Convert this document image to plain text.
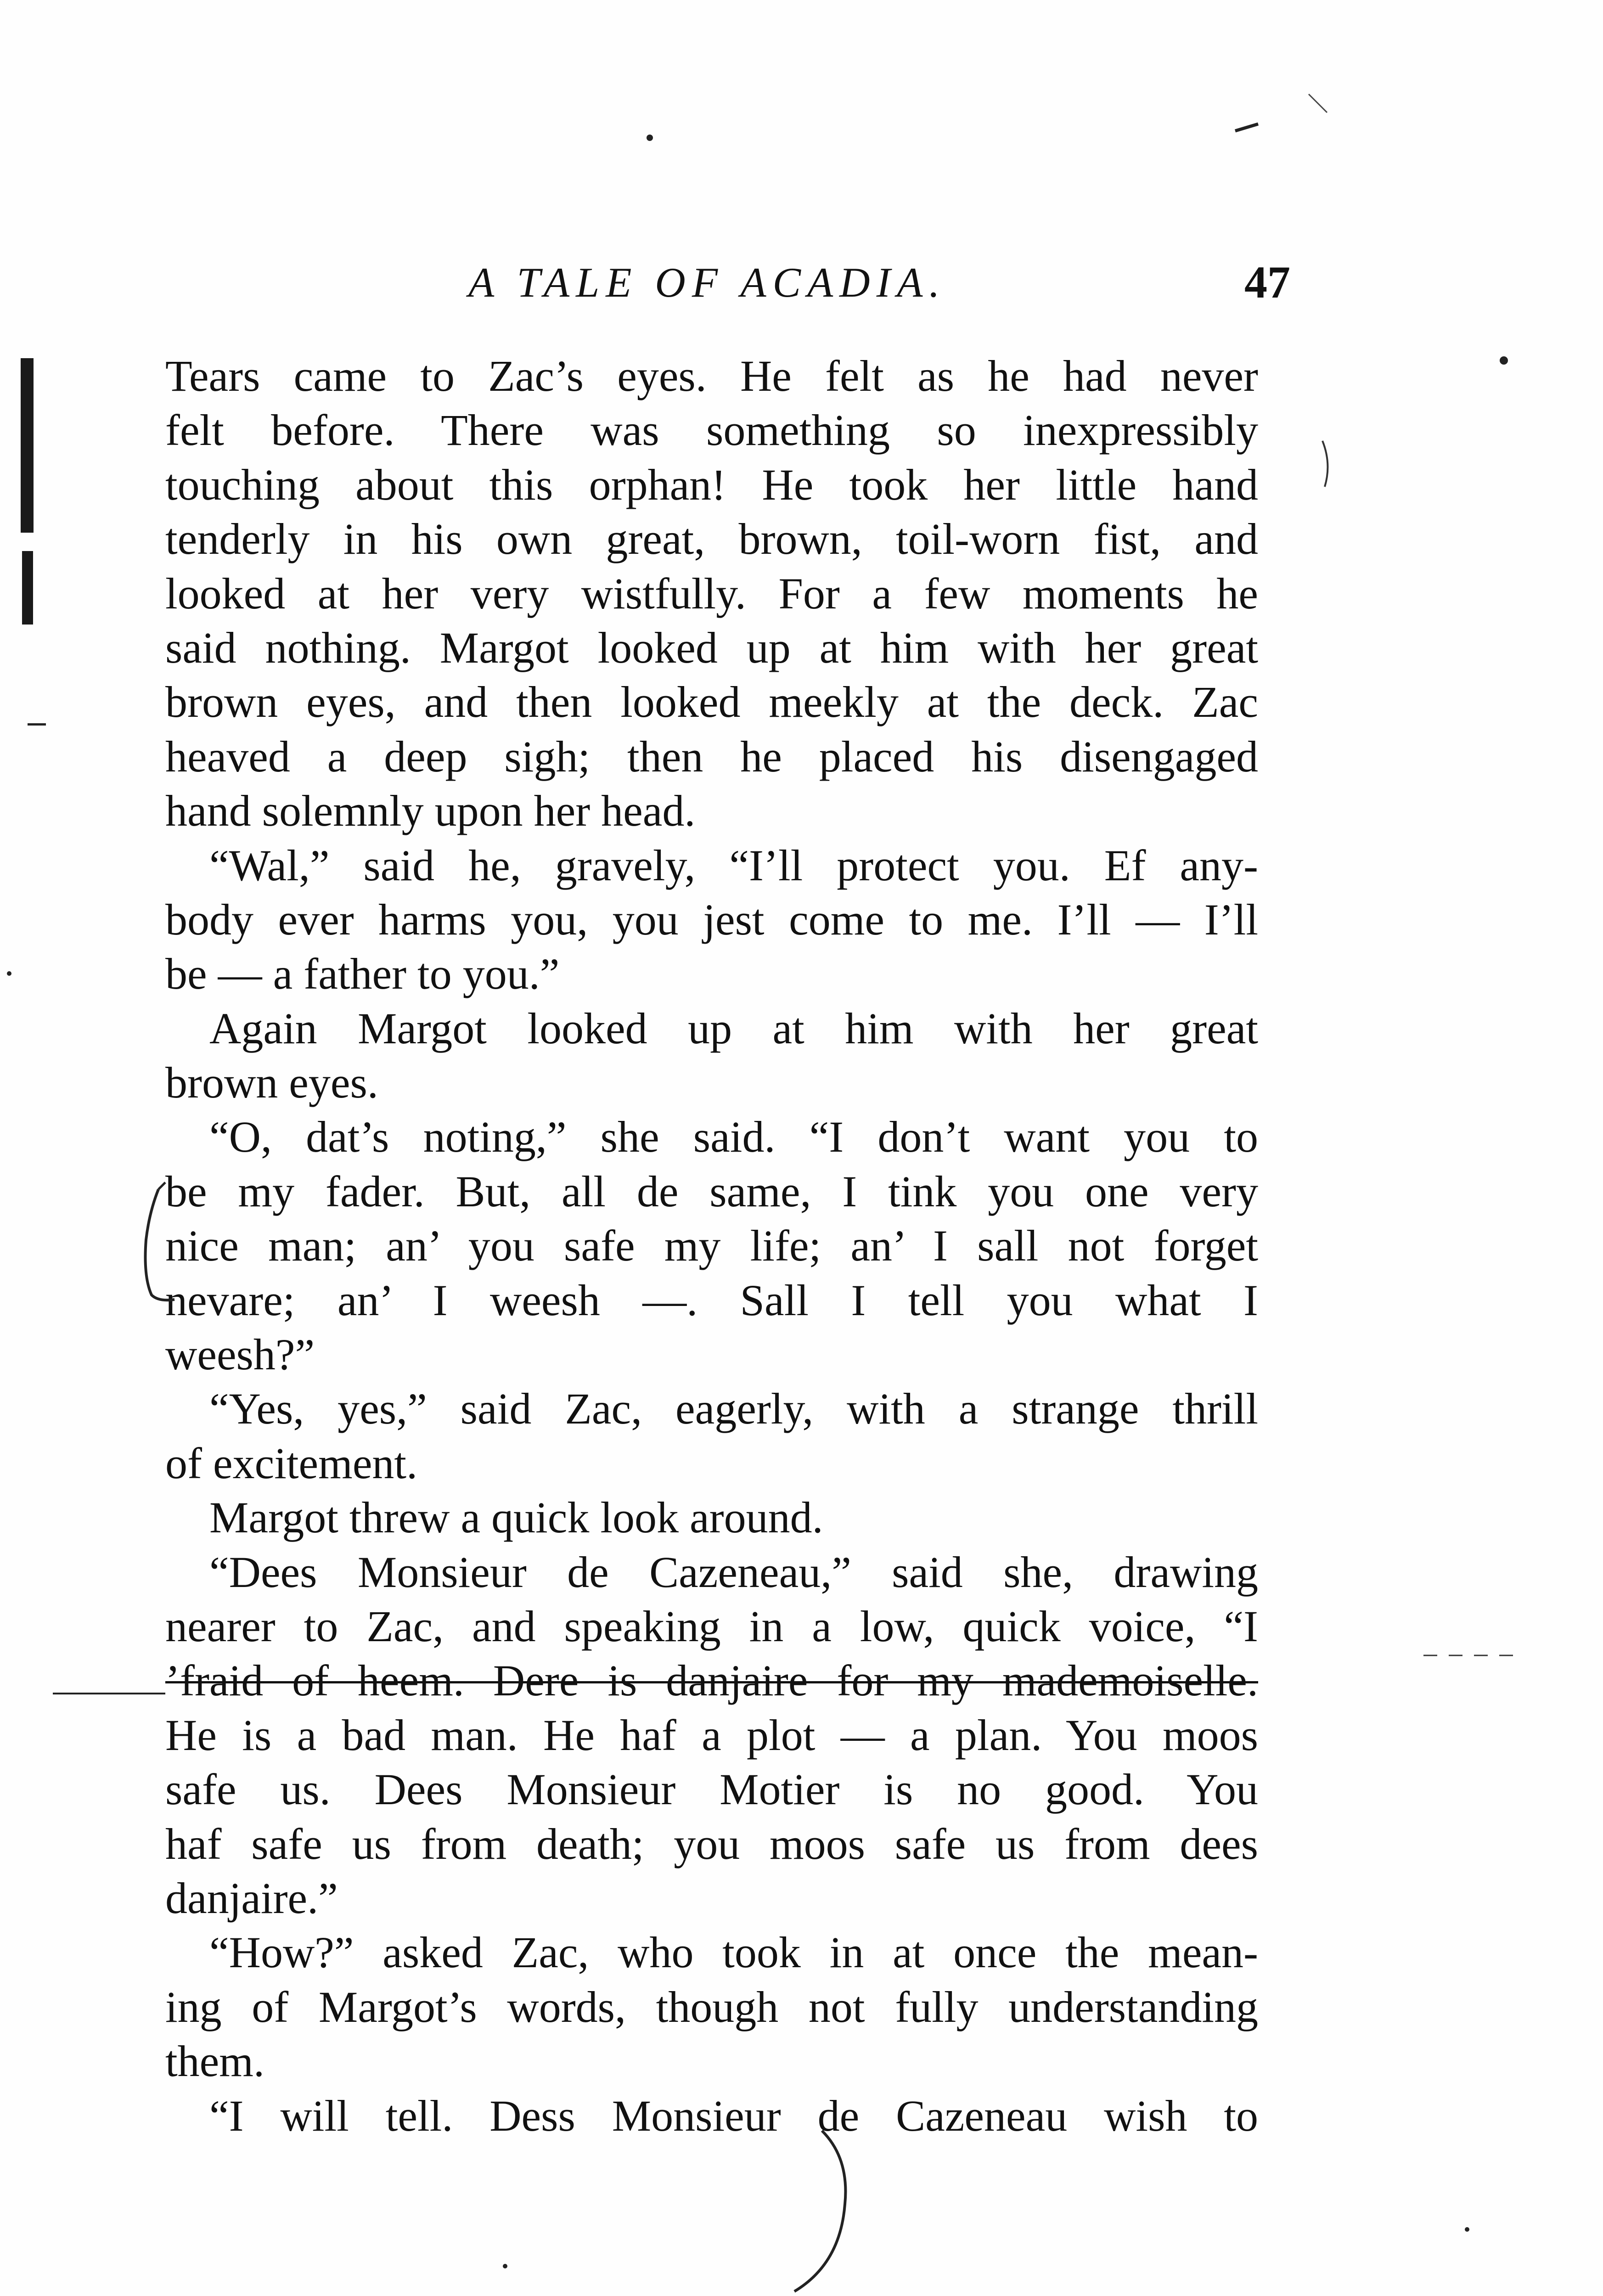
A TALE OF ACADIA.	47
Tears came to Zac’s eyes. He felt as he had never
felt before. There was something so inexpressibly
touching about this orphan! He took her little hand
tenderly in his own great, brown, toil-worn fist, and
looked at her very wistfully. For a few moments he
said nothing. Margot looked up at him with her great
brown eyes, and then looked meekly at the deck. Zac
heaved a deep sigh; then he placed his disengaged
hand solemnly upon her head.
“Wal,” said he, gravely, “I’ll protect you. Ef any-
body ever harms you, you jest come to me. I’ll — I’ll
be — a father to you.”
Again Margot looked up at him with her great
brown eyes.
“O, dat’s noting,” she said. “I don’t want you to
be my fader. But, all de same, I tink you one very
nice man; an’ you safe my life; an’ I sall not forget
nevare; an’ I weesh —. Sall I tell you what I
weesh?”
“Yes, yes,” said Zac, eagerly, with a strange thrill
of excitement.
Margot threw a quick look around.
“Dees Monsieur de Cazeneau,” said she, drawing
nearer to Zac, and speaking in a low, quick voice, “I
’fraid of heem. Dere is danjaire for my mademoiselle.
He is a bad man. He haf a plot — a plan. You moos
safe us. Dees Monsieur Motier is no good. You
haf safe us from death; you moos safe us from dees
danjaire.”
“How?” asked Zac, who took in at once the mean-
ing of Margot’s words, though not fully understanding
them.
“I will tell. Dess Monsieur de Cazeneau wish to
